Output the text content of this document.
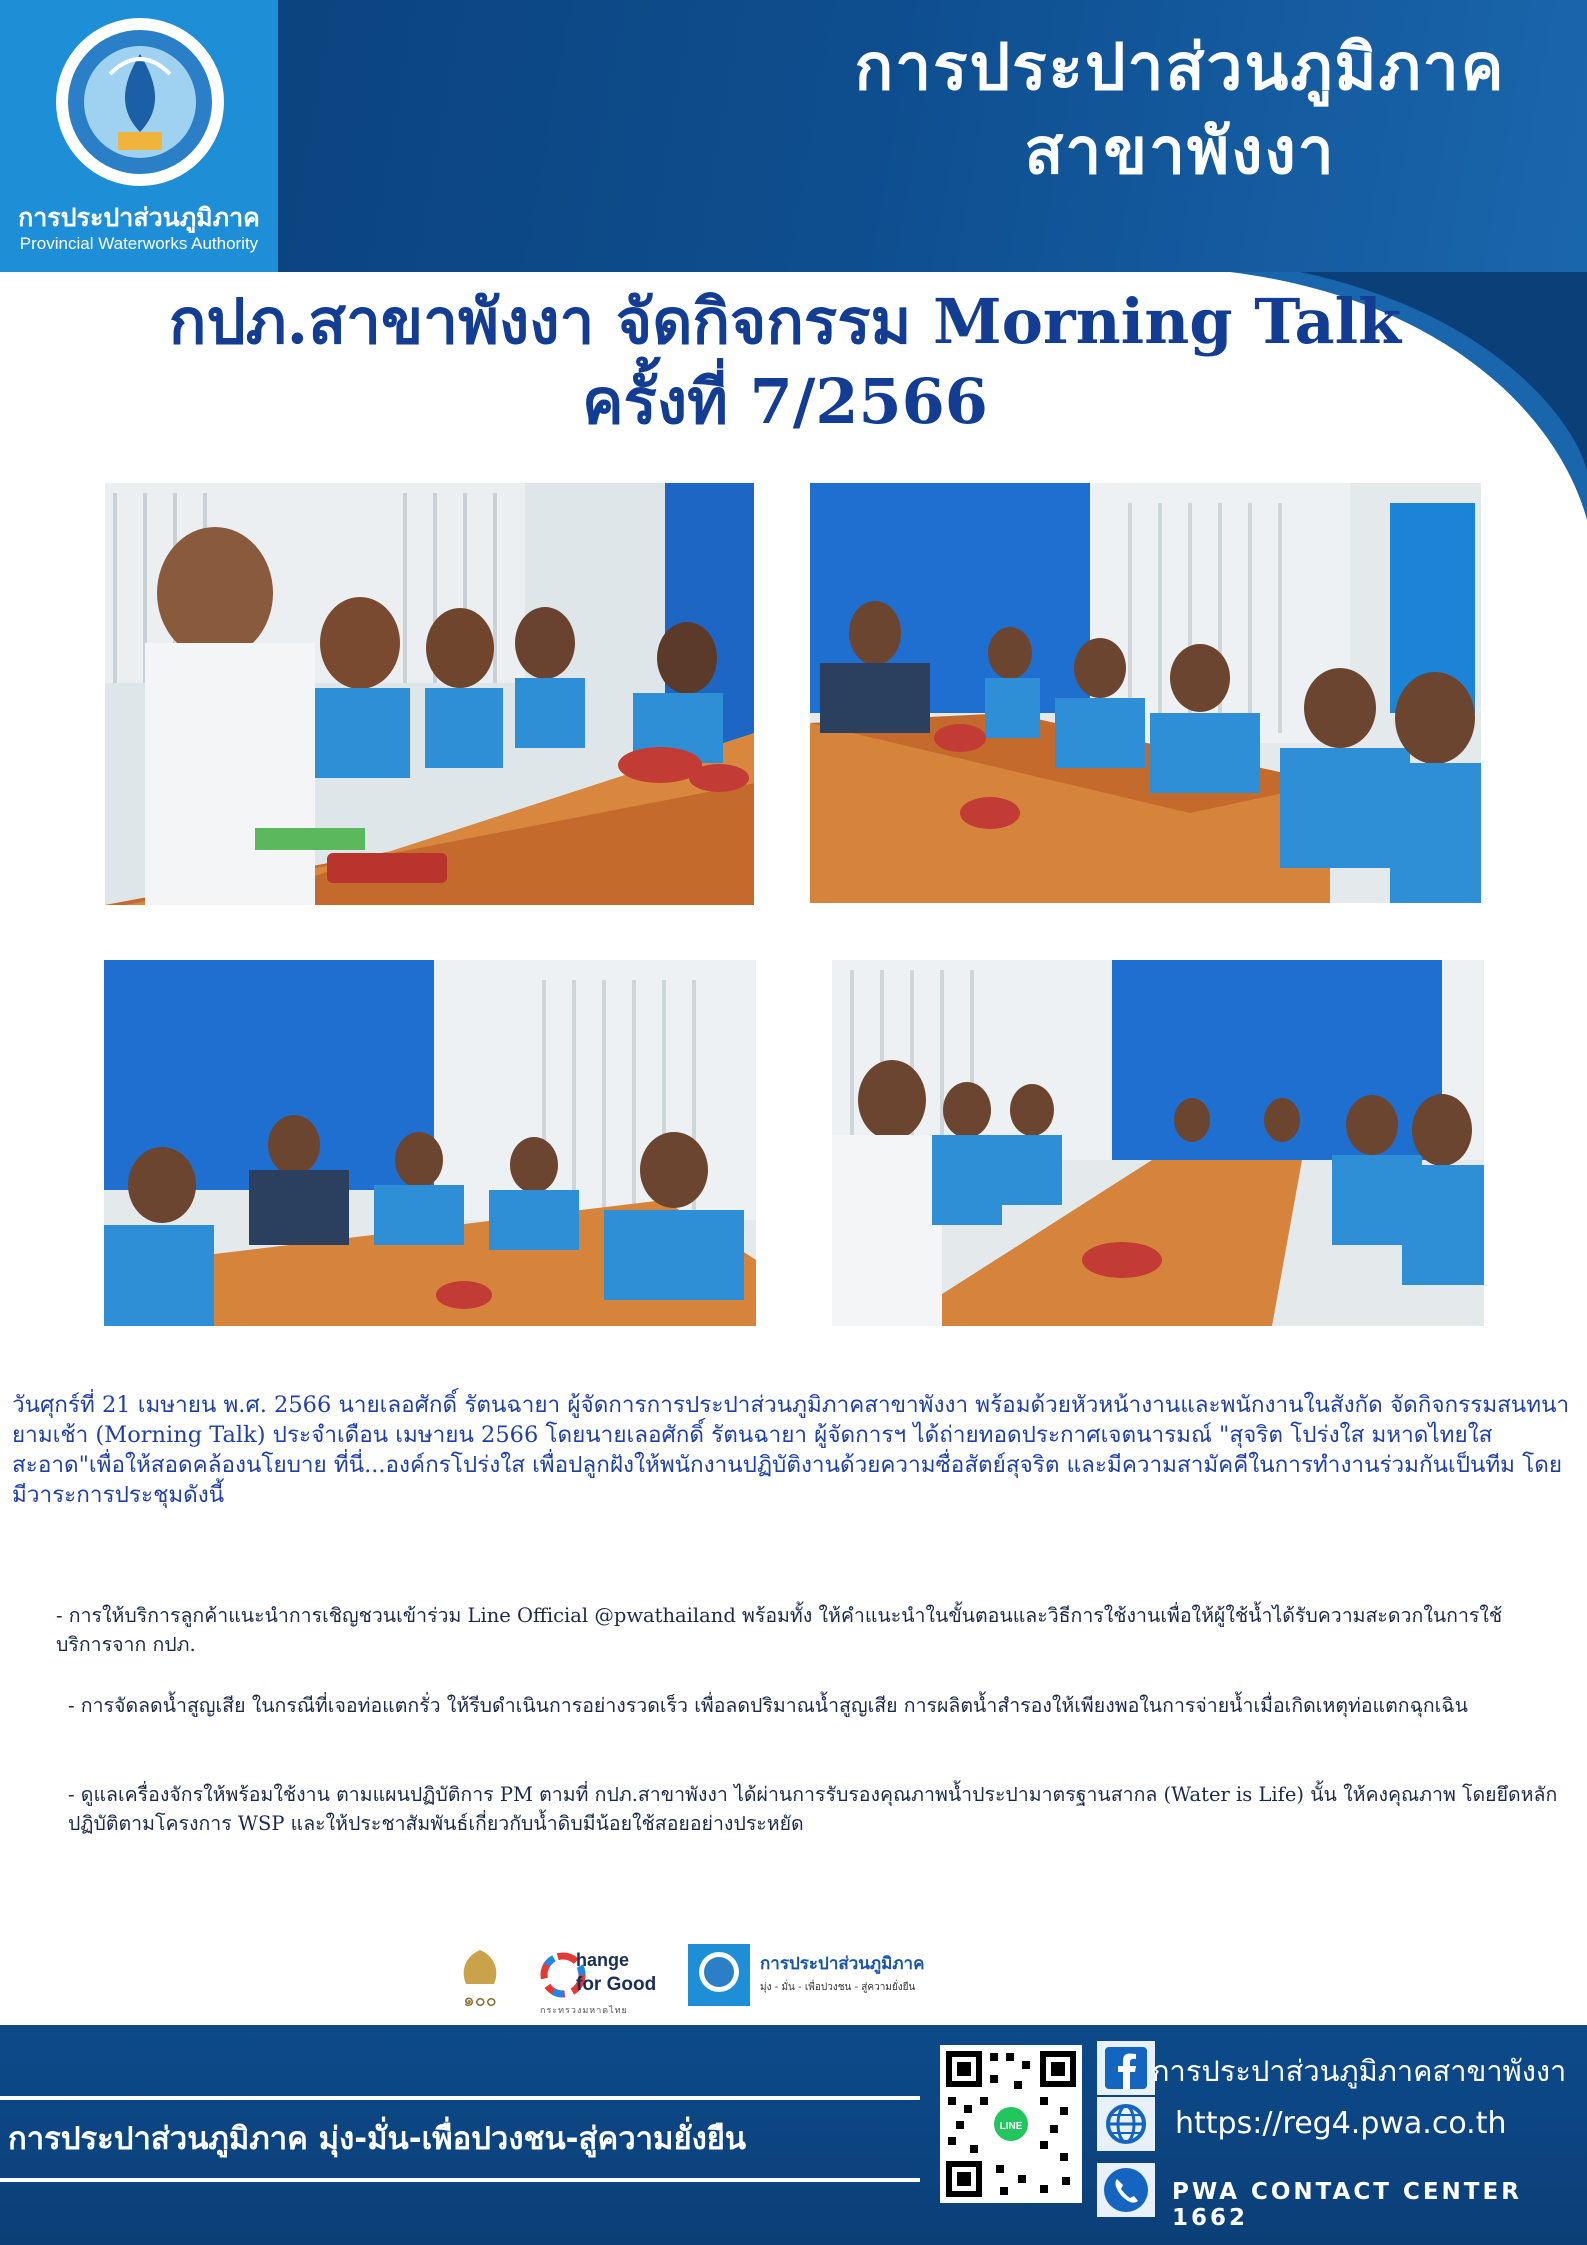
การประปาส่วนภูมิภาค
Provincial Waterworks Authority
การประปาส่วนภูมิภาค
สาขาพังงา
กปภ.สาขาพังงา จัดกิจกรรม Morning Talk
ครั้งที่ 7/2566
วันศุกร์ที่ 21 เมษายน พ.ศ. 2566 นายเลอศักดิ์ รัตนฉายา ผู้จัดการการประปาส่วนภูมิภาคสาขาพังงา พร้อมด้วยหัวหน้างานและพนักงานในสังกัด จัดกิจกรรมสนทนายามเช้า (Morning Talk) ประจำเดือน เมษายน 2566 โดยนายเลอศักดิ์ รัตนฉายา ผู้จัดการฯ ได้ถ่ายทอดประกาศเจตนารมณ์ "สุจริต โปร่งใส มหาดไทยใสสะอาด"เพื่อให้สอดคล้องนโยบาย ที่นี่...องค์กรโปร่งใส เพื่อปลูกฝังให้พนักงานปฏิบัติงานด้วยความซื่อสัตย์สุจริต และมีความสามัคคีในการทำงานร่วมกันเป็นทีม โดยมีวาระการประชุมดังนี้
- การให้บริการลูกค้าแนะนำการเชิญชวนเข้าร่วม Line Official @pwathailand พร้อมทั้ง ให้คำแนะนำในขั้นตอนและวิธีการใช้งานเพื่อให้ผู้ใช้น้ำได้รับความสะดวกในการใช้บริการจาก กปภ.
- การจัดลดน้ำสูญเสีย ในกรณีที่เจอท่อแตกรั่ว ให้รีบดำเนินการอย่างรวดเร็ว เพื่อลดปริมาณน้ำสูญเสีย การผลิตน้ำสำรองให้เพียงพอในการจ่ายน้ำเมื่อเกิดเหตุท่อแตกฉุกเฉิน
- ดูแลเครื่องจักรให้พร้อมใช้งาน ตามแผนปฏิบัติการ PM ตามที่ กปภ.สาขาพังงา ได้ผ่านการรับรองคุณภาพน้ำประปามาตรฐานสากล (Water is Life) นั้น ให้คงคุณภาพ โดยยึดหลักปฏิบัติตามโครงการ WSP และให้ประชาสัมพันธ์เกี่ยวกับน้ำดิบมีน้อยใช้สอยอย่างประหยัด
๑๐๐
hange
for Good
กระทรวงมหาดไทย
การประปาส่วนภูมิภาค
มุ่ง - มั่น - เพื่อปวงชน - สู่ความยั่งยืน
การประปาส่วนภูมิภาค มุ่ง-มั่น-เพื่อปวงชน-สู่ความยั่งยืน	LINE
การประปาส่วนภูมิภาคสาขาพังงา
https://reg4.pwa.co.th
PWA CONTACT CENTER 1662
